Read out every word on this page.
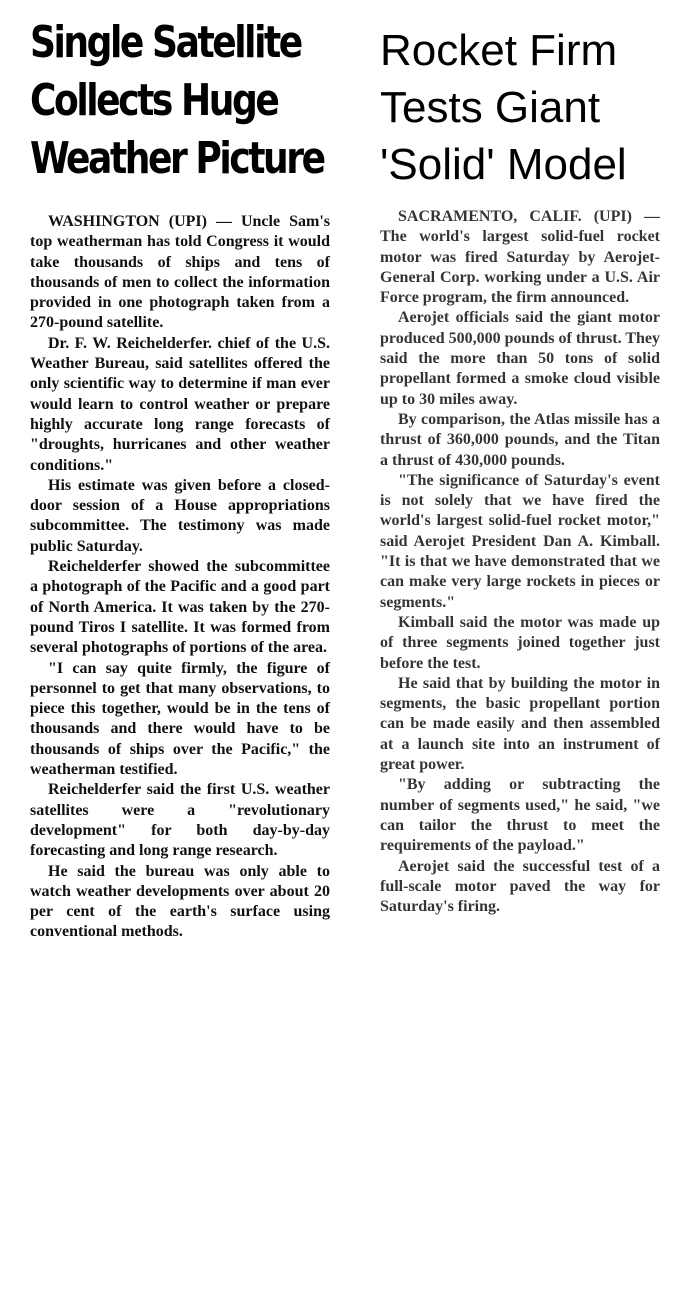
Single Satellite
Collects Huge
Weather Picture

WASHINGTON (UPI) — Uncle Sam's top weatherman has told Congress it would take thousands of ships and tens of thousands of men to collect the information provided in one photograph taken from a 270-pound satellite.

Dr. F. W. Reichelderfer. chief of the U.S. Weather Bureau, said satellites offered the only scientific way to determine if man ever would learn to control weather or prepare highly accurate long range forecasts of "droughts, hurricanes and other weather conditions."

His estimate was given before a closed-door session of a House appropriations subcommittee. The testimony was made public Saturday.

Reichelderfer showed the subcommittee a photograph of the Pacific and a good part of North America. It was taken by the 270-pound Tiros I satellite. It was formed from several photographs of portions of the area.

"I can say quite firmly, the figure of personnel to get that many observations, to piece this together, would be in the tens of thousands and there would have to be thousands of ships over the Pacific," the weatherman testified.

Reichelderfer said the first U.S. weather satellites were a "revolutionary development" for both day-by-day forecasting and long range research.

He said the bureau was only able to watch weather developments over about 20 per cent of the earth's surface using conventional methods.

Rocket Firm
Tests Giant
'Solid' Model

SACRAMENTO, CALIF. (UPI) — The world's largest solid-fuel rocket motor was fired Saturday by Aerojet-General Corp. working under a U.S. Air Force program, the firm announced.

Aerojet officials said the giant motor produced 500,000 pounds of thrust. They said the more than 50 tons of solid propellant formed a smoke cloud visible up to 30 miles away.

By comparison, the Atlas missile has a thrust of 360,000 pounds, and the Titan a thrust of 430,000 pounds.

"The significance of Saturday's event is not solely that we have fired the world's largest solid-fuel rocket motor," said Aerojet President Dan A. Kimball. "It is that we have demonstrated that we can make very large rockets in pieces or segments."

Kimball said the motor was made up of three segments joined together just before the test.

He said that by building the motor in segments, the basic propellant portion can be made easily and then assembled at a launch site into an instrument of great power.

"By adding or subtracting the number of segments used," he said, "we can tailor the thrust to meet the requirements of the payload."

Aerojet said the successful test of a full-scale motor paved the way for Saturday's firing.
